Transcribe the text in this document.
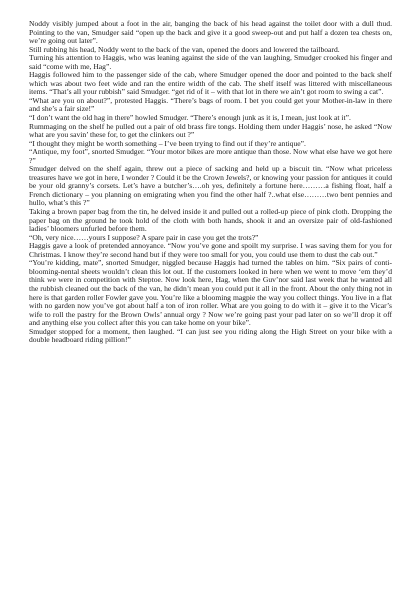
Noddy visibly jumped about a foot in the air, banging the back of his head against the toilet door with a dull thud. Pointing to the van, Smudger said “open up the back and give it a good sweep-out and put half a dozen tea chests on, we’re going out later”.

Still rubbing his head, Noddy went to the back of the van, opened the doors and lowered the tailboard.

Turning his attention to Haggis, who was leaning against the side of the van laughing, Smudger crooked his finger and said “come with me, Hag”.

Haggis followed him to the passenger side of the cab, where Smudger opened the door and pointed to the back shelf which was about two feet wide and ran the entire width of the cab. The shelf itself was littered with miscellaneous items. “That’s all your rubbish” said Smudger. “get rid of it – with that lot in there we ain’t got room to swing a cat”.

“What are you on about?”, protested Haggis. “There’s bags of room. I bet you could get your Mother-in-law in there and she’s a fair size!”

“I don’t want the old hag in there” howled Smudger. “There’s enough junk as it is, I mean, just look at it”.

Rummaging on the shelf he pulled out a pair of old brass fire tongs. Holding them under Haggis’ nose, he asked “Now what are you savin’ these for, to get the clinkers out ?”

“I thought they might be worth something – I’ve been trying to find out if they’re antique”.

“Antique, my foot”, snorted Smudger. “Your motor bikes are more antique than those. Now what else have we got here ?”

Smudger delved on the shelf again, threw out a piece of sacking and held up a biscuit tin. “Now what priceless treasures have we got in here, I wonder ? Could it be the Crown Jewels?, or knowing your passion for antiques it could be your old granny’s corsets. Let’s have a butcher’s….oh yes, definitely a fortune here………a fishing float, half a French dictionary – you planning on emigrating when you find the other half ?..what else………two bent pennies and hullo, what’s this ?”

Taking a brown paper bag from the tin, he delved inside it and pulled out a rolled-up piece of pink cloth. Dropping the paper bag on the ground he took hold of the cloth with both hands, shook it and an oversize pair of old-fashioned ladies’ bloomers unfurled before them.

“Oh, very nice……yours I suppose? A spare pair in case you get the trots?”

Haggis gave a look of pretended annoyance. “Now you’ve gone and spoilt my surprise. I was saving them for you for Christmas. I know they’re second hand but if they were too small for you, you could use them to dust the cab out.”

“You’re kidding, mate”, snorted Smudger, niggled because Haggis had turned the tables on him. “Six pairs of conti-blooming-nental sheets wouldn’t clean this lot out. If the customers looked in here when we went to move ‘em they’d think we were in competition with Steptoe. Now look here, Hag, when the Guv’nor said last week that he wanted all the rubbish cleaned out the back of the van, he didn’t mean you could put it all in the front. About the only thing not in here is that garden roller Fowler gave you. You’re like a blooming magpie the way you collect things. You live in a flat with no garden now you’ve got about half a ton of iron roller. What are you going to do with it – give it to the Vicar’s wife to roll the pastry for the Brown Owls’ annual orgy ? Now we’re going past your pad later on so we’ll drop it off and anything else you collect after this you can take home on your bike”.

Smudger stopped for a moment, then laughed. “I can just see you riding along the High Street on your bike with a double headboard riding pillion!”
